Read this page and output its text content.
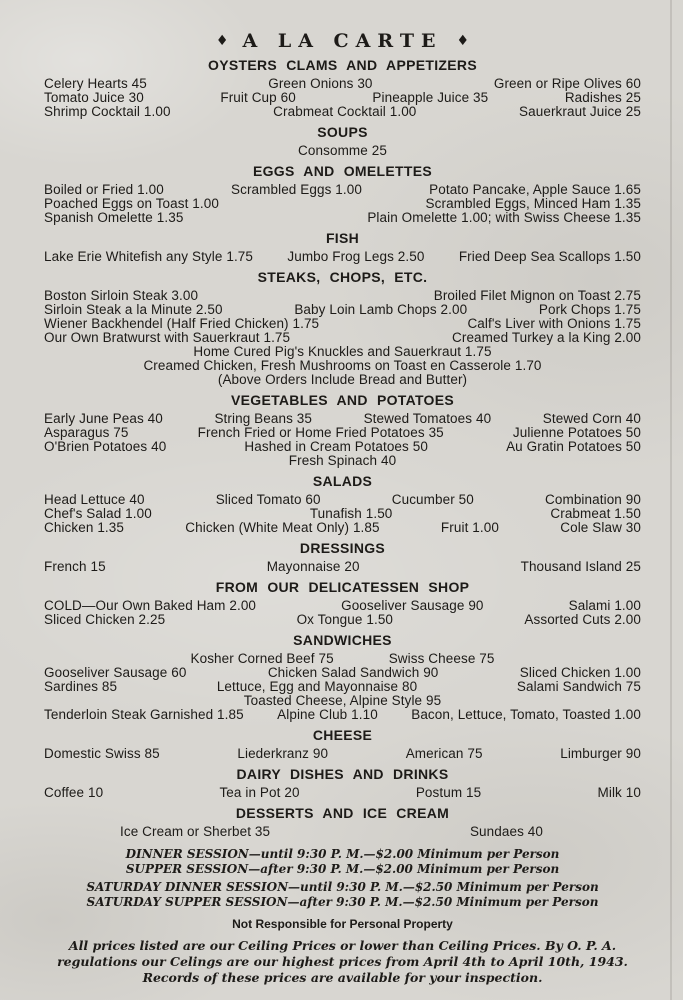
♦ A LA CARTE ♦
OYSTERS CLAMS AND APPETIZERS
Celery Hearts 45	Green Onions 30	Green or Ripe Olives 60
Tomato Juice 30	Fruit Cup 60	Pineapple Juice 35	Radishes 25
Shrimp Cocktail 1.00	Crabmeat Cocktail 1.00	Sauerkraut Juice 25
SOUPS
Consomme 25
EGGS AND OMELETTES
Boiled or Fried 1.00	Scrambled Eggs 1.00	Potato Pancake, Apple Sauce 1.65
Poached Eggs on Toast 1.00	Scrambled Eggs, Minced Ham 1.35
Spanish Omelette 1.35	Plain Omelette 1.00; with Swiss Cheese 1.35
FISH
Lake Erie Whitefish any Style 1.75	Jumbo Frog Legs 2.50	Fried Deep Sea Scallops 1.50
STEAKS, CHOPS, ETC.
Boston Sirloin Steak 3.00	Broiled Filet Mignon on Toast 2.75
Sirloin Steak a la Minute 2.50	Baby Loin Lamb Chops 2.00	Pork Chops 1.75
Wiener Backhendel (Half Fried Chicken) 1.75	Calf's Liver with Onions 1.75
Our Own Bratwurst with Sauerkraut 1.75	Creamed Turkey a la King 2.00
Home Cured Pig's Knuckles and Sauerkraut 1.75
Creamed Chicken, Fresh Mushrooms on Toast en Casserole 1.70
(Above Orders Include Bread and Butter)
VEGETABLES AND POTATOES
Early June Peas 40	String Beans 35	Stewed Tomatoes 40	Stewed Corn 40
Asparagus 75	French Fried or Home Fried Potatoes 35	Julienne Potatoes 50
O'Brien Potatoes 40	Hashed in Cream Potatoes 50	Au Gratin Potatoes 50
Fresh Spinach 40
SALADS
Head Lettuce 40	Sliced Tomato 60	Cucumber 50	Combination 90
Chef's Salad 1.00	Tunafish 1.50	Crabmeat 1.50
Chicken 1.35	Chicken (White Meat Only) 1.85	Fruit 1.00	Cole Slaw 30
DRESSINGS
French 15	Mayonnaise 20	Thousand Island 25
FROM OUR DELICATESSEN SHOP
COLD—Our Own Baked Ham 2.00	Gooseliver Sausage 90	Salami 1.00
Sliced Chicken 2.25	Ox Tongue 1.50	Assorted Cuts 2.00
SANDWICHES
Kosher Corned Beef 75	Swiss Cheese 75
Gooseliver Sausage 60	Chicken Salad Sandwich 90	Sliced Chicken 1.00
Sardines 85	Lettuce, Egg and Mayonnaise 80	Salami Sandwich 75
Toasted Cheese, Alpine Style 95
Tenderloin Steak Garnished 1.85 Alpine Club 1.10 Bacon, Lettuce, Tomato, Toasted 1.00
CHEESE
Domestic Swiss 85	Liederkranz 90	American 75	Limburger 90
DAIRY DISHES AND DRINKS
Coffee 10	Tea in Pot 20	Postum 15	Milk 10
DESSERTS AND ICE CREAM
Ice Cream or Sherbet 35	Sundaes 40
DINNER SESSION—until 9:30 P. M.—$2.00 Minimum per Person
SUPPER SESSION—after 9:30 P. M.—$2.00 Minimum per Person
SATURDAY DINNER SESSION—until 9:30 P. M.—$2.50 Minimum per Person
SATURDAY SUPPER SESSION—after 9:30 P. M.—$2.50 Minimum per Person
Not Responsible for Personal Property
All prices listed are our Ceiling Prices or lower than Ceiling Prices. By O. P. A. regulations our Celings are our highest prices from April 4th to April 10th, 1943. Records of these prices are available for your inspection.
